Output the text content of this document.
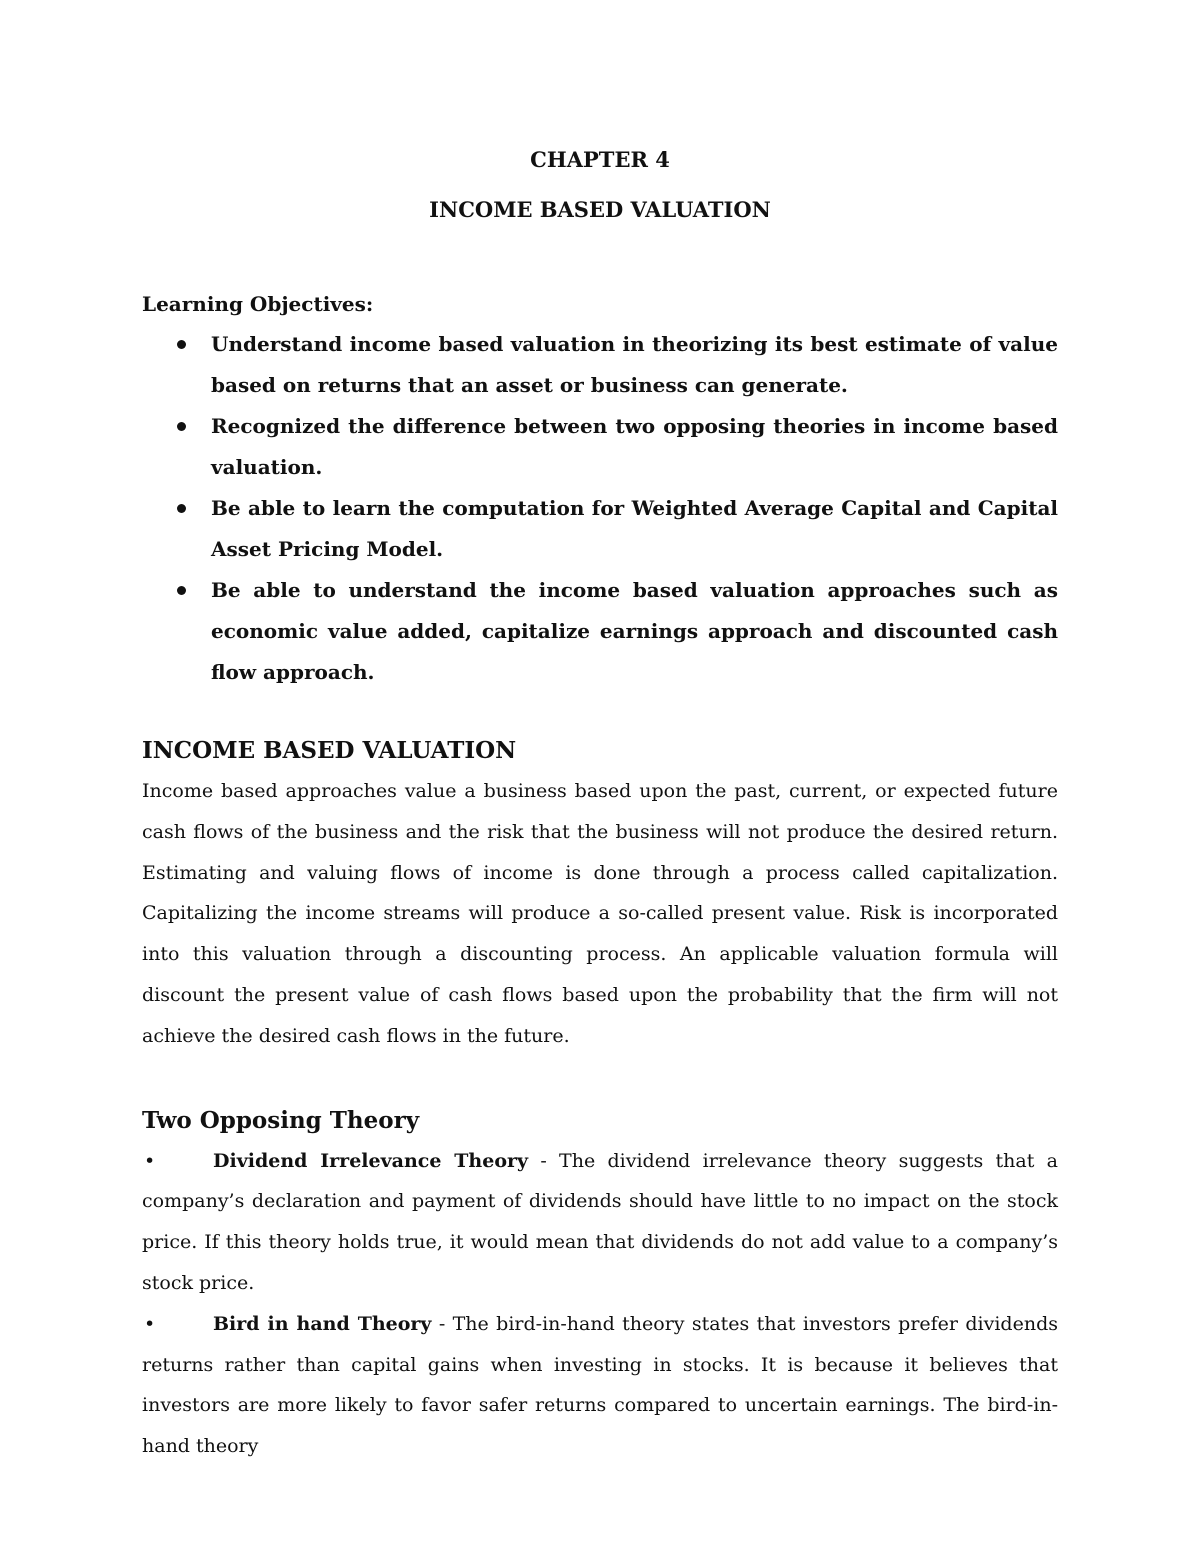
CHAPTER 4

INCOME BASED VALUATION

Learning Objectives:
Understand income based valuation in theorizing its best estimate of value based on returns that an asset or business can generate.
Recognized the difference between two opposing theories in income based valuation.
Be able to learn the computation for Weighted Average Capital and Capital Asset Pricing Model.
Be able to understand the income based valuation approaches such as economic value added, capitalize earnings approach and discounted cash flow approach.
INCOME BASED VALUATION

Income based approaches value a business based upon the past, current, or expected future cash flows of the business and the risk that the business will not produce the desired return. Estimating and valuing flows of income is done through a process called capitalization. Capitalizing the income streams will produce a so-called present value. Risk is incorporated into this valuation through a discounting process. An applicable valuation formula will discount the present value of cash flows based upon the probability that the firm will not achieve the desired cash flows in the future.

Two Opposing Theory

•	Dividend Irrelevance Theory - The dividend irrelevance theory suggests that a company’s declaration and payment of dividends should have little to no impact on the stock price. If this theory holds true, it would mean that dividends do not add value to a company’s stock price.

•	Bird in hand Theory - The bird-in-hand theory states that investors prefer dividends returns rather than capital gains when investing in stocks. It is because it believes that investors are more likely to favor safer returns compared to uncertain earnings. The bird-in-hand theory
